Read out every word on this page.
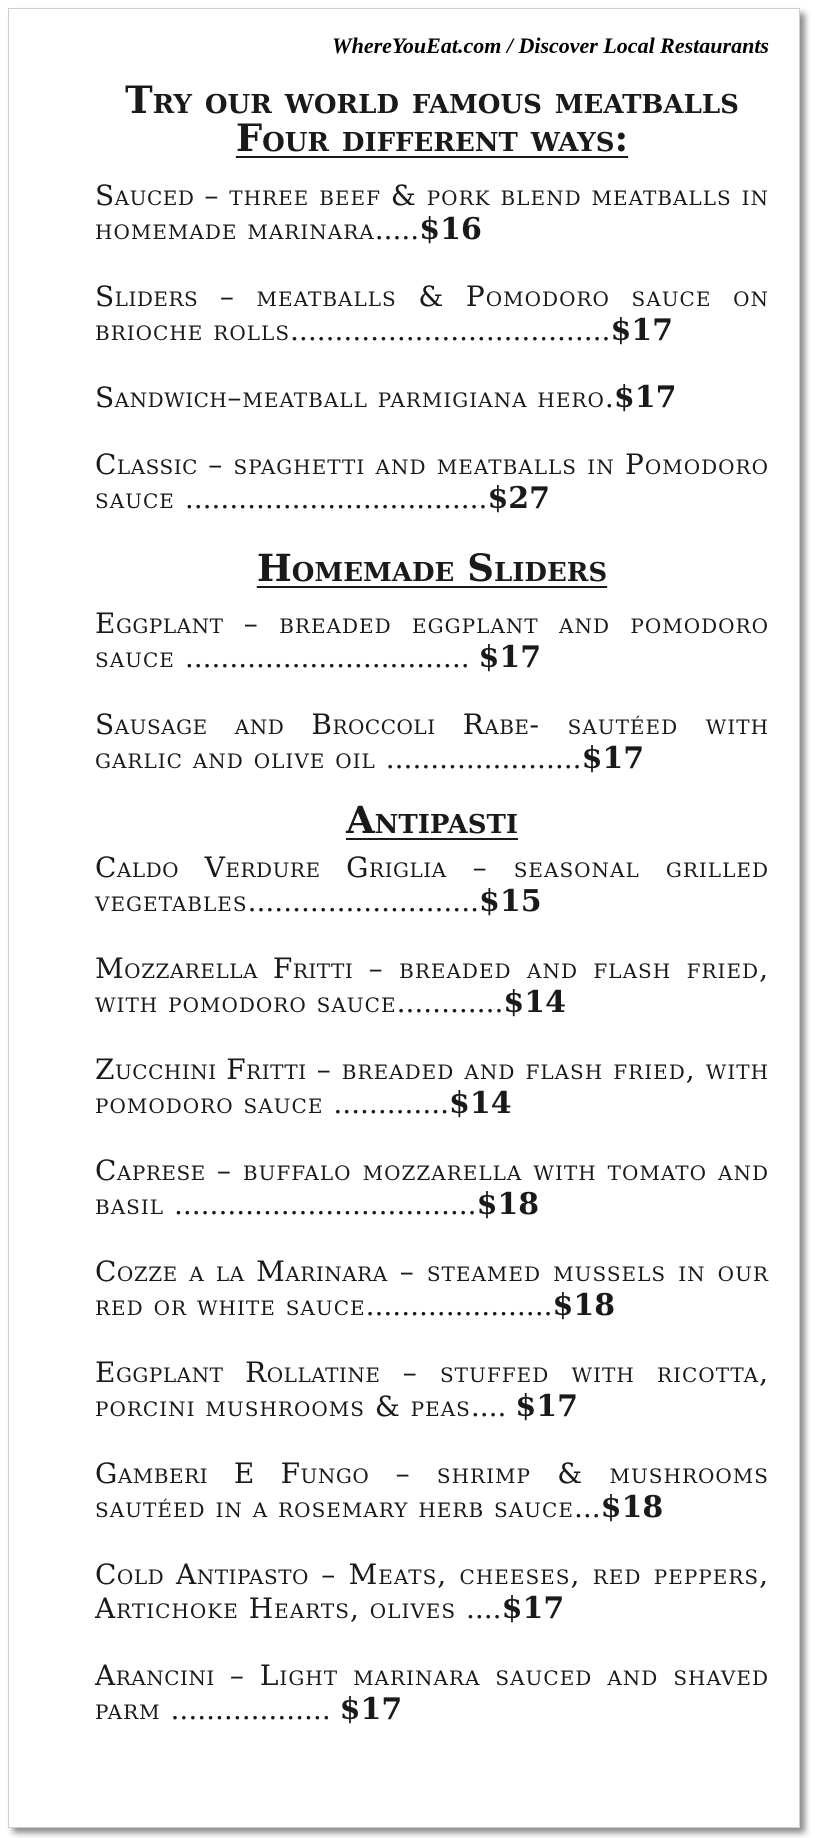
WhereYouEat.com / Discover Local Restaurants
Try our world famous meatballs
Four different ways:
Sauced – three beef & pork blend meatballs in homemade marinara.....$16
Sliders – meatballs & Pomodoro sauce on brioche rolls....................................$17
Sandwich–meatball parmigiana hero.$17
Classic – spaghetti and meatballs in Pomodoro sauce ..................................$27
Homemade Sliders
Eggplant – breaded eggplant and pomodoro sauce ................................ $17
Sausage and Broccoli Rabe- sautéed with garlic and olive oil ......................$17
Antipasti
Caldo Verdure Griglia – seasonal grilled vegetables..........................$15
Mozzarella Fritti – breaded and flash fried, with pomodoro sauce............$14
Zucchini Fritti – breaded and flash fried, with pomodoro sauce .............$14
Caprese – buffalo mozzarella with tomato and basil ..................................$18
Cozze a la Marinara – steamed mussels in our red or white sauce.....................$18
Eggplant Rollatine – stuffed with ricotta, porcini mushrooms & peas.... $17
Gamberi E Fungo – shrimp & mushrooms sautéed in a rosemary herb sauce...$18
Cold Antipasto – Meats, cheeses, red peppers, Artichoke Hearts, olives ....$17
Arancini – Light marinara sauced and shaved parm .................. $17
